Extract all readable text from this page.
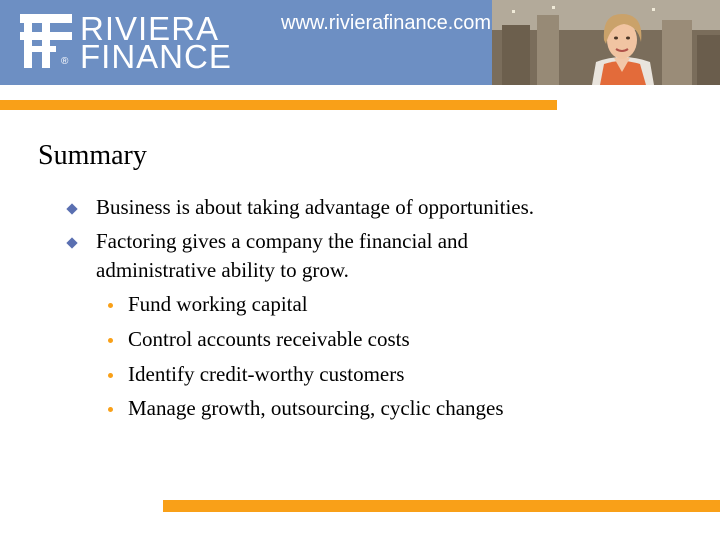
®
RIVIERA
FINANCE
www.rivierafinance.com
Summary
Business is about taking advantage of opportunities.
Factoring gives a company the financial and
administrative ability to grow.
Fund working capital
Control accounts receivable costs
Identify credit-worthy customers
Manage growth, outsourcing, cyclic changes
